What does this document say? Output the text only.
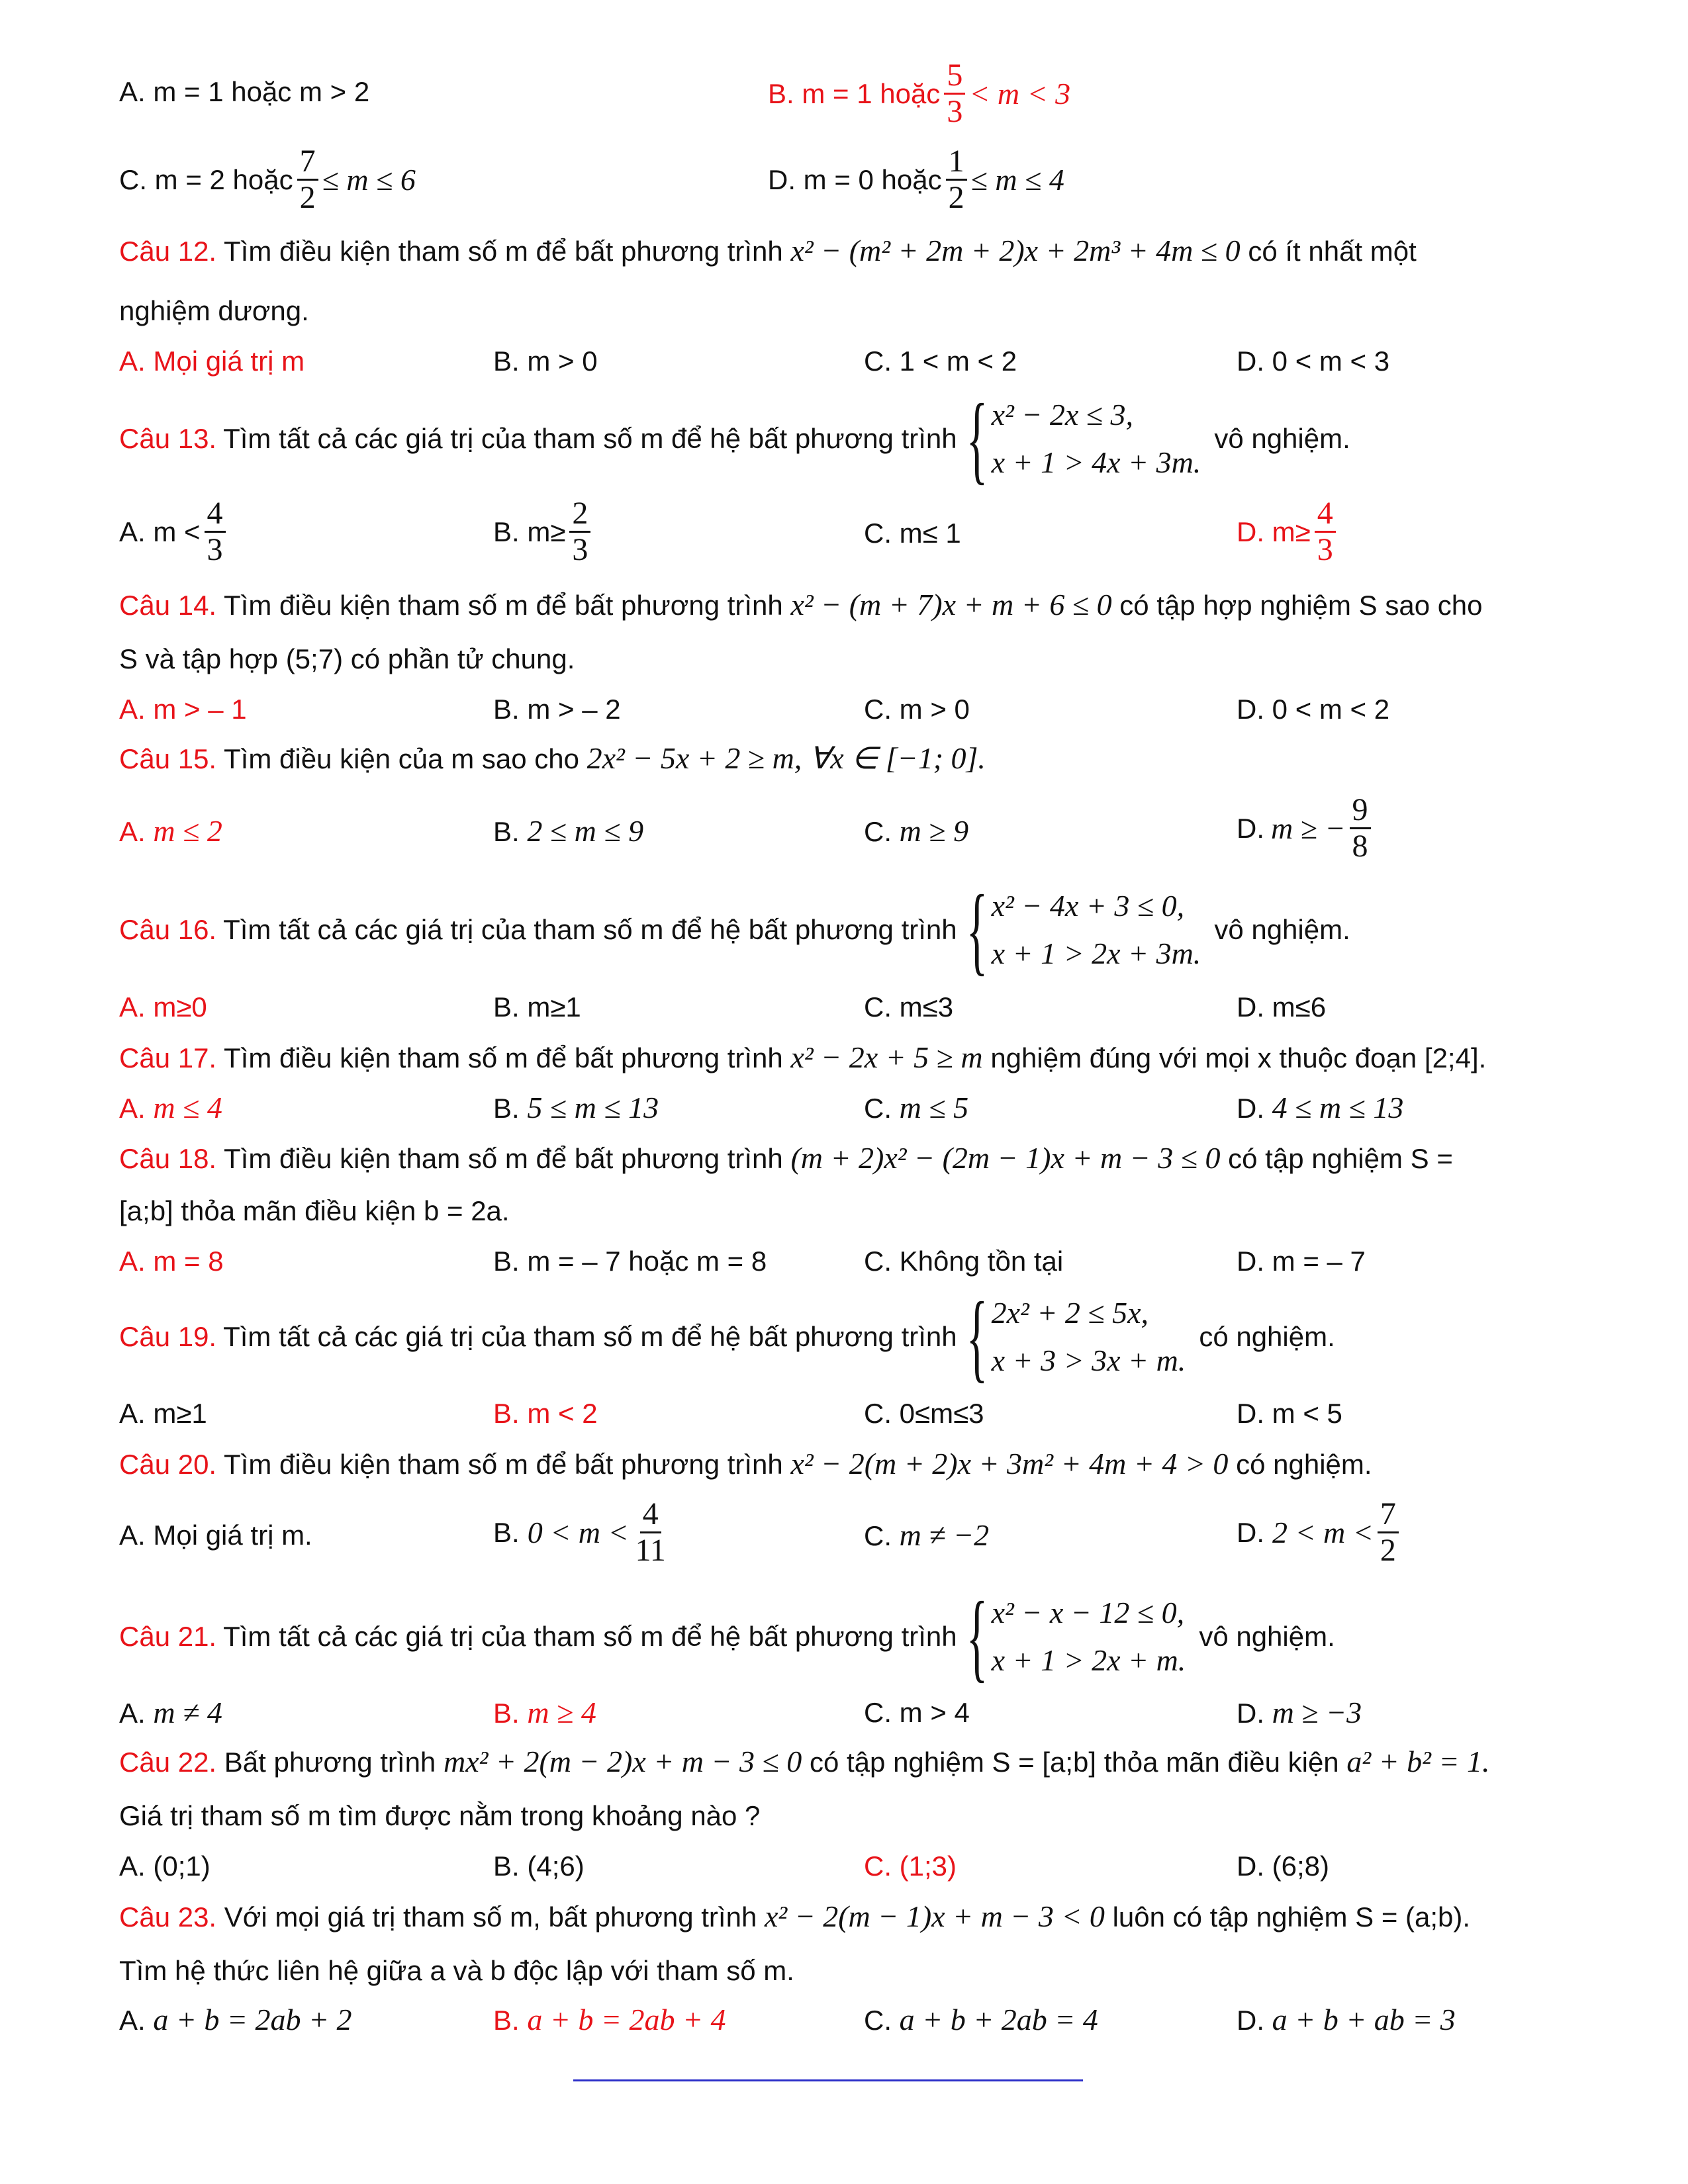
A. m = 1 hoặc m > 2	B. m = 1 hoặc $\frac{5}{3} < m < 3$
C. m = 2 hoặc $\frac{7}{2} \le m \le 6$	D. m = 0 hoặc $\frac{1}{2} \le m \le 4$
Câu 12. Tìm điều kiện tham số m để bất phương trình x² − (m² + 2m + 2)x + 2m³ + 4m ≤ 0 có ít nhất một
nghiệm dương.
A. Mọi giá trị m	B. m > 0	C. 1 < m < 2	D. 0 < m < 3
Câu 13. Tìm tất cả các giá trị của tham số m để hệ bất phương trình { x² − 2x ≤ 3,
x + 1 > 4x + 3m.
vô nghiệm.
A. $m < \frac{4}{3}$	B. $m\ge \frac{2}{3}$	C. m≤ 1	D. $m\ge \frac{4}{3}$
Câu 14. Tìm điều kiện tham số m để bất phương trình x² − (m + 7)x + m + 6 ≤ 0 có tập hợp nghiệm S sao cho
S và tập hợp (5;7) có phần tử chung.
A. m > – 1	B. m > – 2	C. m > 0	D. 0 < m < 2
Câu 15. Tìm điều kiện của m sao cho 2x² − 5x + 2 ≥ m, ∀x ∈ [−1; 0].
A. m ≤ 2	B. 2 ≤ m ≤ 9	C. m ≥ 9	D. m ≥ − $\frac{9}{8}$
Câu 16. Tìm tất cả các giá trị của tham số m để hệ bất phương trình { x² − 4x + 3 ≤ 0,
x + 1 > 2x + 3m.
vô nghiệm.
A. m≥0	B. m≥1	C. m≤3	D. m≤6
Câu 17. Tìm điều kiện tham số m để bất phương trình x² − 2x + 5 ≥ m nghiệm đúng với mọi x thuộc đoạn [2;4].
A. m ≤ 4	B. 5 ≤ m ≤ 13	C. m ≤ 5	D. 4 ≤ m ≤ 13
Câu 18. Tìm điều kiện tham số m để bất phương trình (m + 2)x² − (2m − 1)x + m − 3 ≤ 0 có tập nghiệm S =
[a;b] thỏa mãn điều kiện b = 2a.
A. m = 8	B. m = – 7 hoặc m = 8	C. Không tồn tại	D. m = – 7
Câu 19. Tìm tất cả các giá trị của tham số m để hệ bất phương trình { 2x² + 2 ≤ 5x,
x + 3 > 3x + m.
có nghiệm.
A. m≥1	B. m < 2	C. 0≤m≤3	D. m < 5
Câu 20. Tìm điều kiện tham số m để bất phương trình x² − 2(m + 2)x + 3m² + 4m + 4 > 0 có nghiệm.
A. Mọi giá trị m.	B. $0 < m < \frac{4}{11}$	C. m ≠ −2	D. $2 < m < \frac{7}{2}$
Câu 21. Tìm tất cả các giá trị của tham số m để hệ bất phương trình { x² − x − 12 ≤ 0,
x + 1 > 2x + m.
vô nghiệm.
A. m ≠ 4	B. m ≥ 4	C. m > 4	D. m ≥ −3
Câu 22. Bất phương trình mx² + 2(m − 2)x + m − 3 ≤ 0 có tập nghiệm S = [a;b] thỏa mãn điều kiện a² + b² = 1.
Giá trị tham số m tìm được nằm trong khoảng nào ?
A. (0;1)	B. (4;6)	C. (1;3)	D. (6;8)
Câu 23. Với mọi giá trị tham số m, bất phương trình x² − 2(m − 1)x + m − 3 < 0 luôn có tập nghiệm S = (a;b).
Tìm hệ thức liên hệ giữa a và b độc lập với tham số m.
A. a + b = 2ab + 2	B. a + b = 2ab + 4	C. a + b + 2ab = 4	D. a + b + ab = 3
